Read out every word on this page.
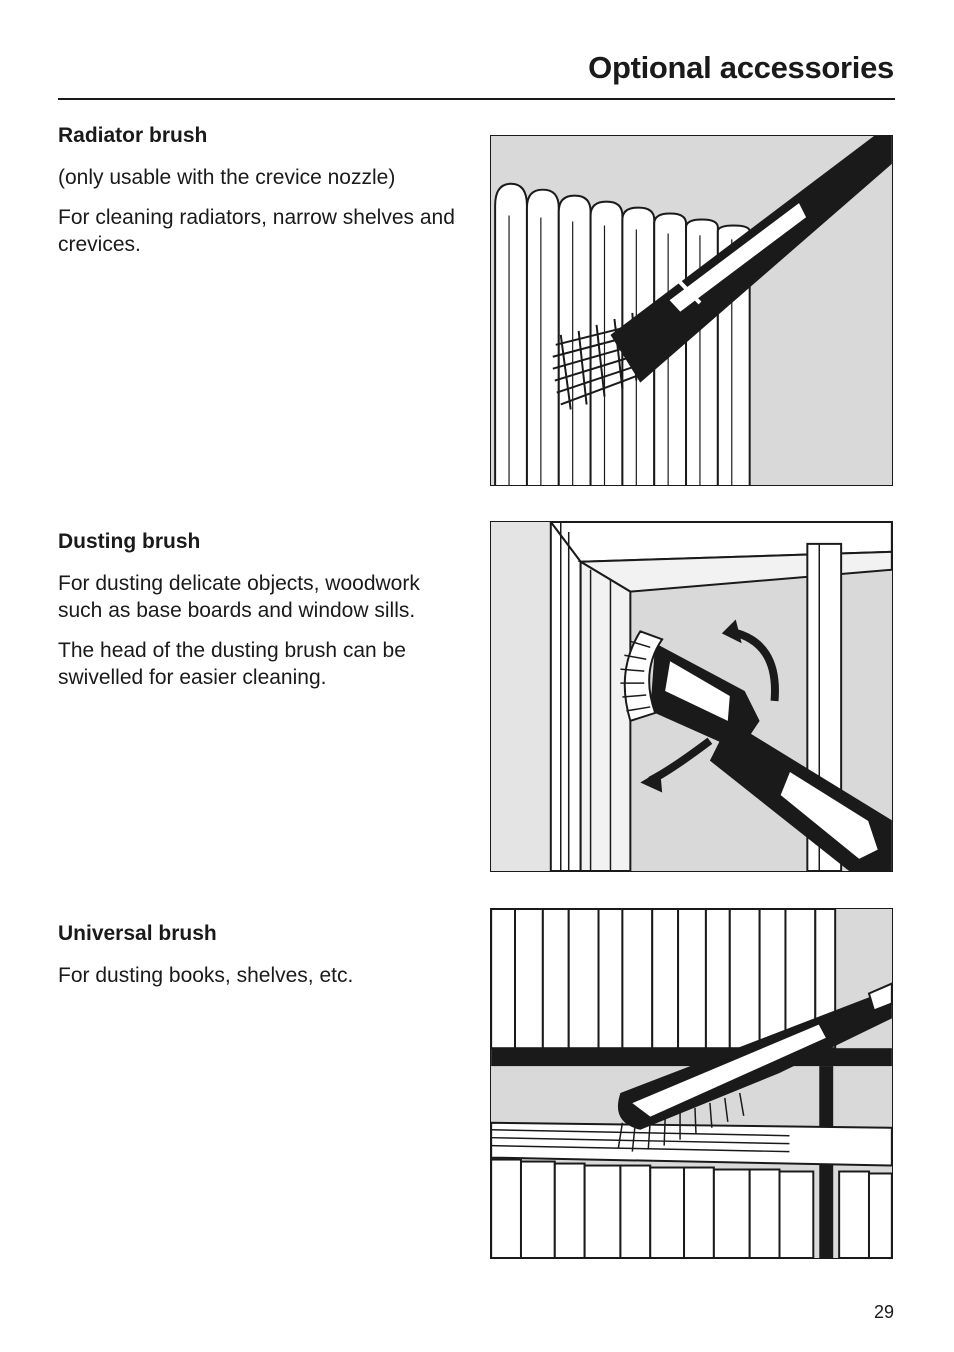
Optional accessories
Radiator brush

(only usable with the crevice nozzle)

For cleaning radiators, narrow shelves and crevices.

Dusting brush

For dusting delicate objects, woodwork such as base boards and window sills.

The head of the dusting brush can be swivelled for easier cleaning.

Universal brush

For dusting books, shelves, etc.

29
